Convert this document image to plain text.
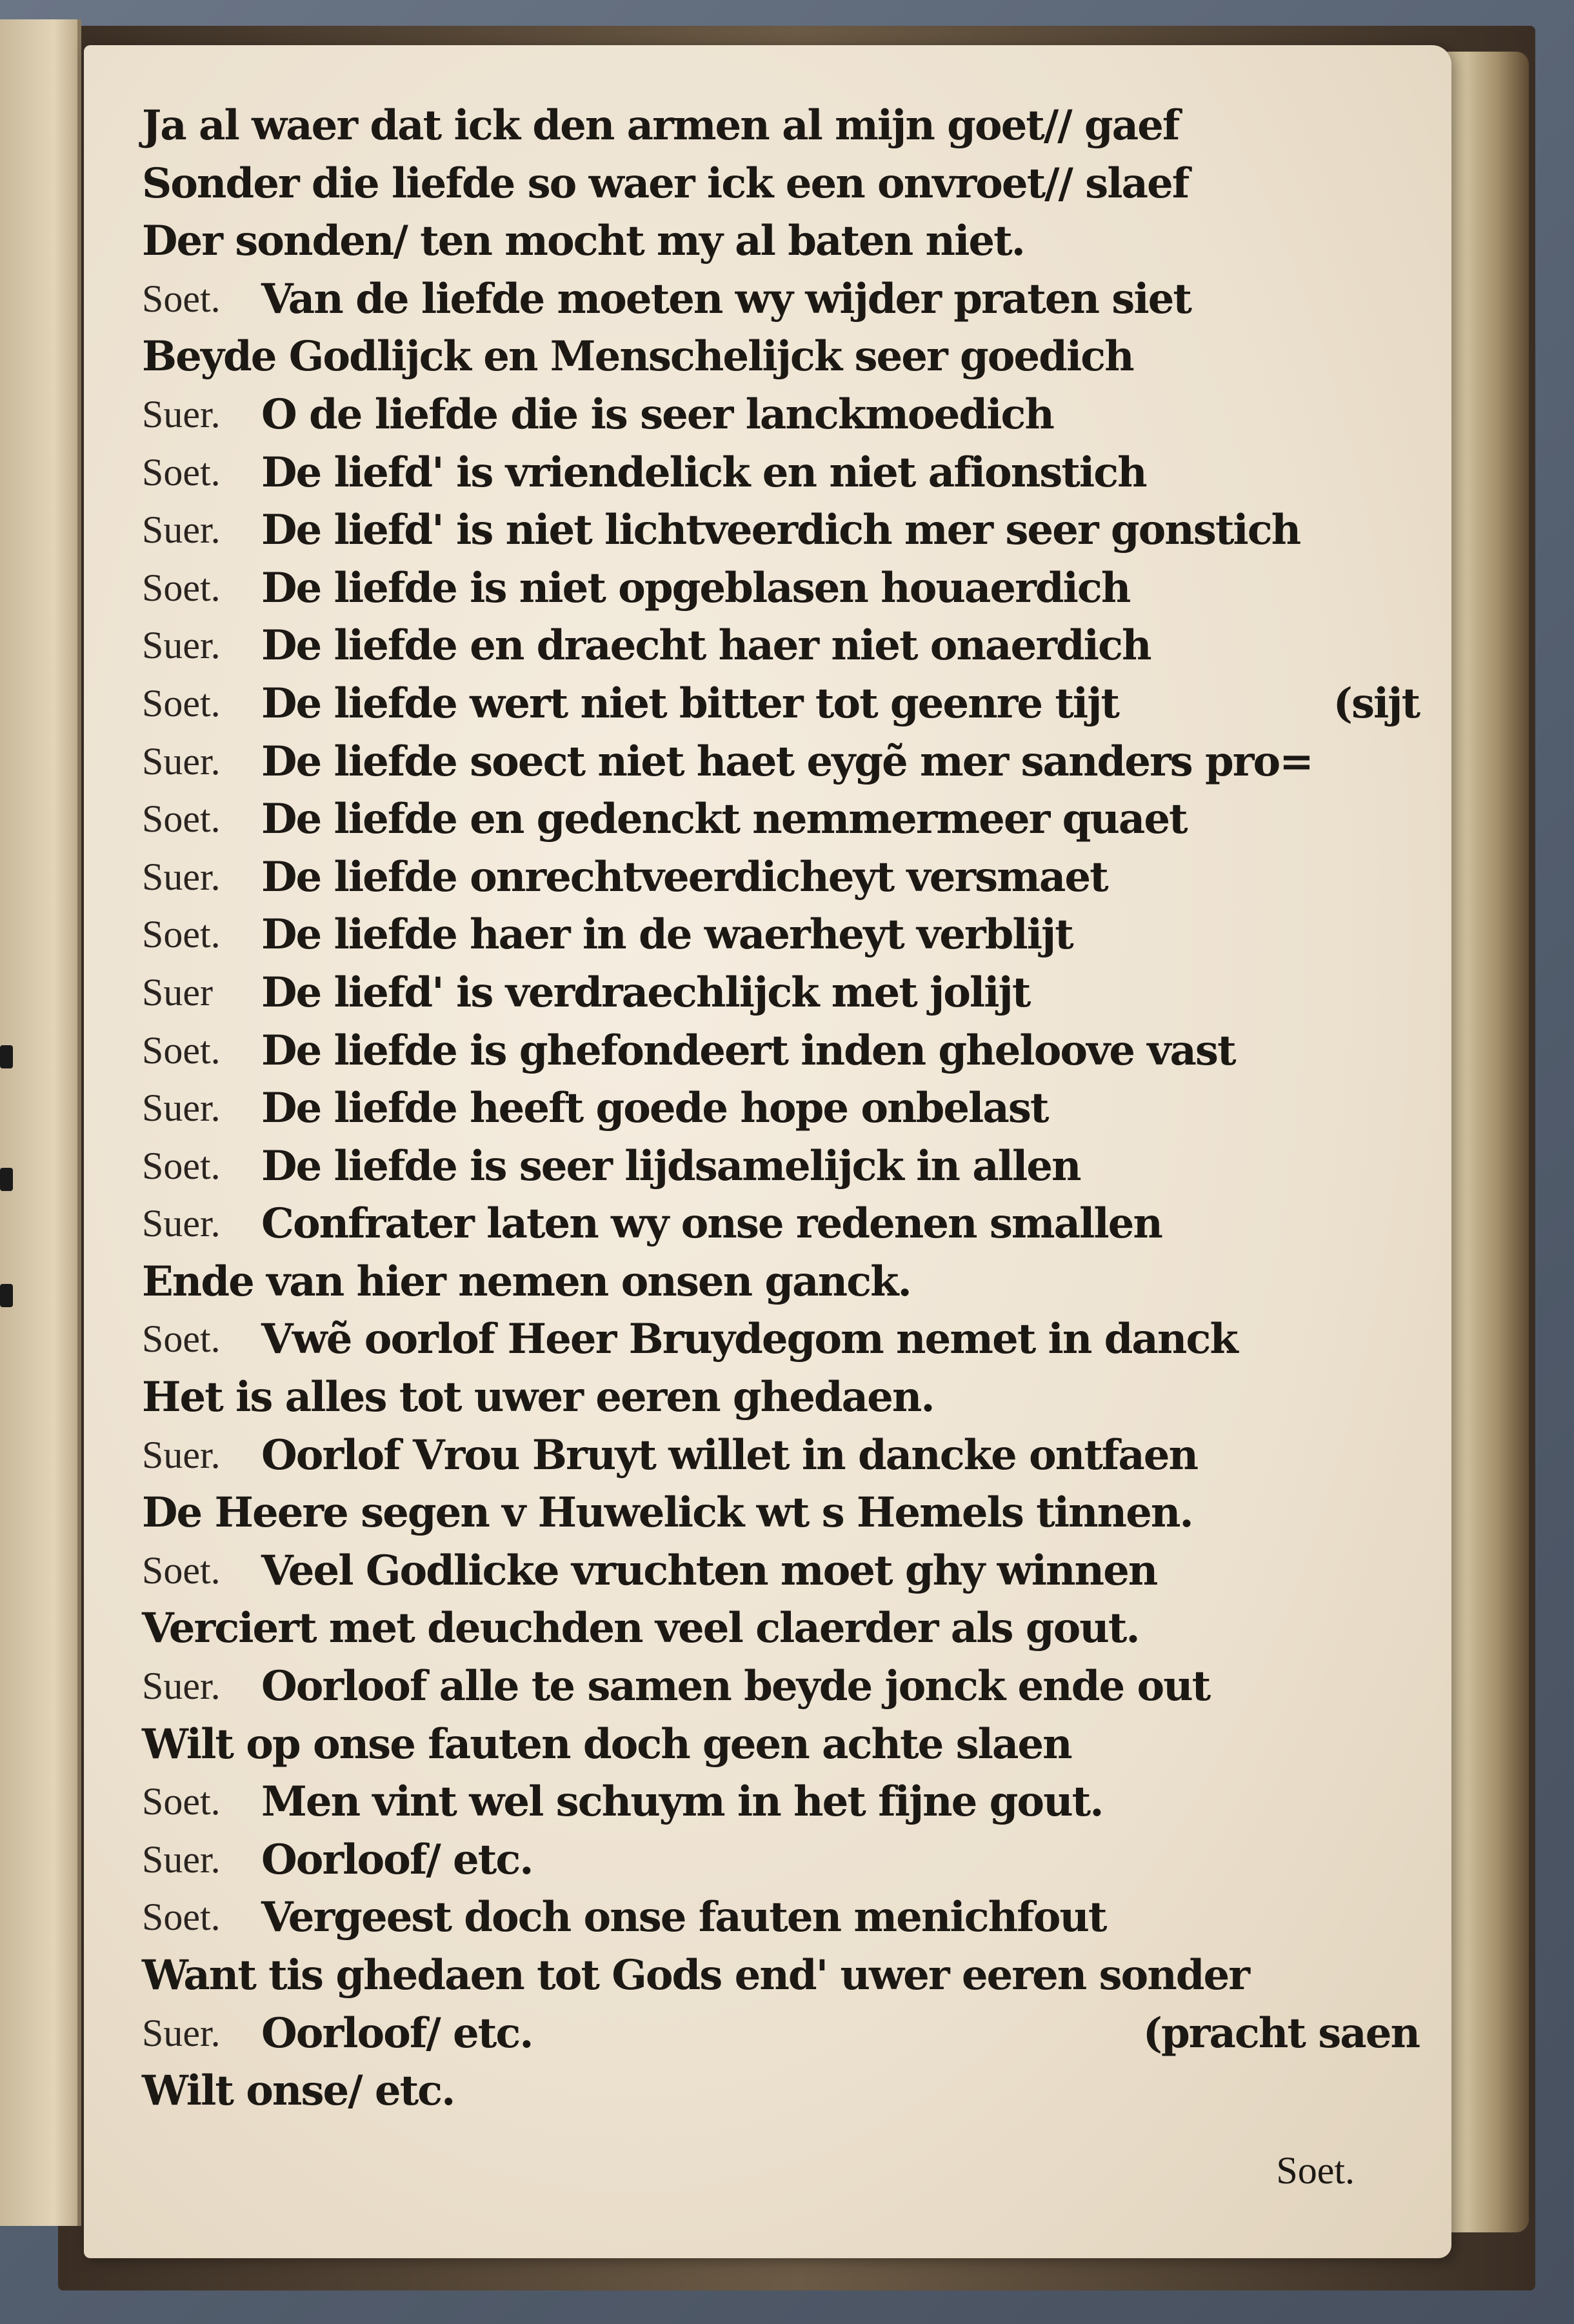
Ja al waer dat ick den armen al mijn goet// gaef
Sonder die liefde so waer ick een onvroet// slaef
Der sonden/ ten mocht my al baten niet.
Soet. Van de liefde moeten wy wijder praten siet
Beyde Godlijck en Menschelijck seer goedich
Suer. O de liefde die is seer lanckmoedich
Soet. De liefd' is vriendelick en niet afionstich
Suer. De liefd' is niet lichtveerdich mer seer gonstich
Soet. De liefde is niet opgeblasen houaerdich
Suer. De liefde en draecht haer niet onaerdich
Soet. De liefde wert niet bitter tot geenre tijt	(sijt
Suer. De liefde soect niet haet eygẽ mer sanders pro=
Soet. De liefde en gedenckt nemmermeer quaet
Suer. De liefde onrechtveerdicheyt versmaet
Soet. De liefde haer in de waerheyt verblijt
Suer	De liefd' is verdraechlijck met jolijt
Soet. De liefde is ghefondeert inden gheloove vast
Suer. De liefde heeft goede hope onbelast
Soet. De liefde is seer lijdsamelijck in allen
Suer. Confrater laten wy onse redenen smallen
Ende van hier nemen onsen ganck.
Soet. Vwẽ oorlof Heer Bruydegom nemet in danck
Het is alles tot uwer eeren ghedaen.
Suer. Oorlof Vrou Bruyt willet in dancke ontfaen
De Heere segen v Huwelick wt s Hemels tinnen.
Soet. Veel Godlicke vruchten moet ghy winnen
Verciert met deuchden veel claerder als gout.
Suer. Oorloof alle te samen beyde jonck ende out
Wilt op onse fauten doch geen achte slaen
Soet. Men vint wel schuym in het fijne gout.
Suer. Oorloof/ etc.
Soet. Vergeest doch onse fauten menichfout
Want tis ghedaen tot Gods end' uwer eeren sonder
Suer. Oorloof/ etc.	(pracht saen
Wilt onse/ etc.
Soet.
